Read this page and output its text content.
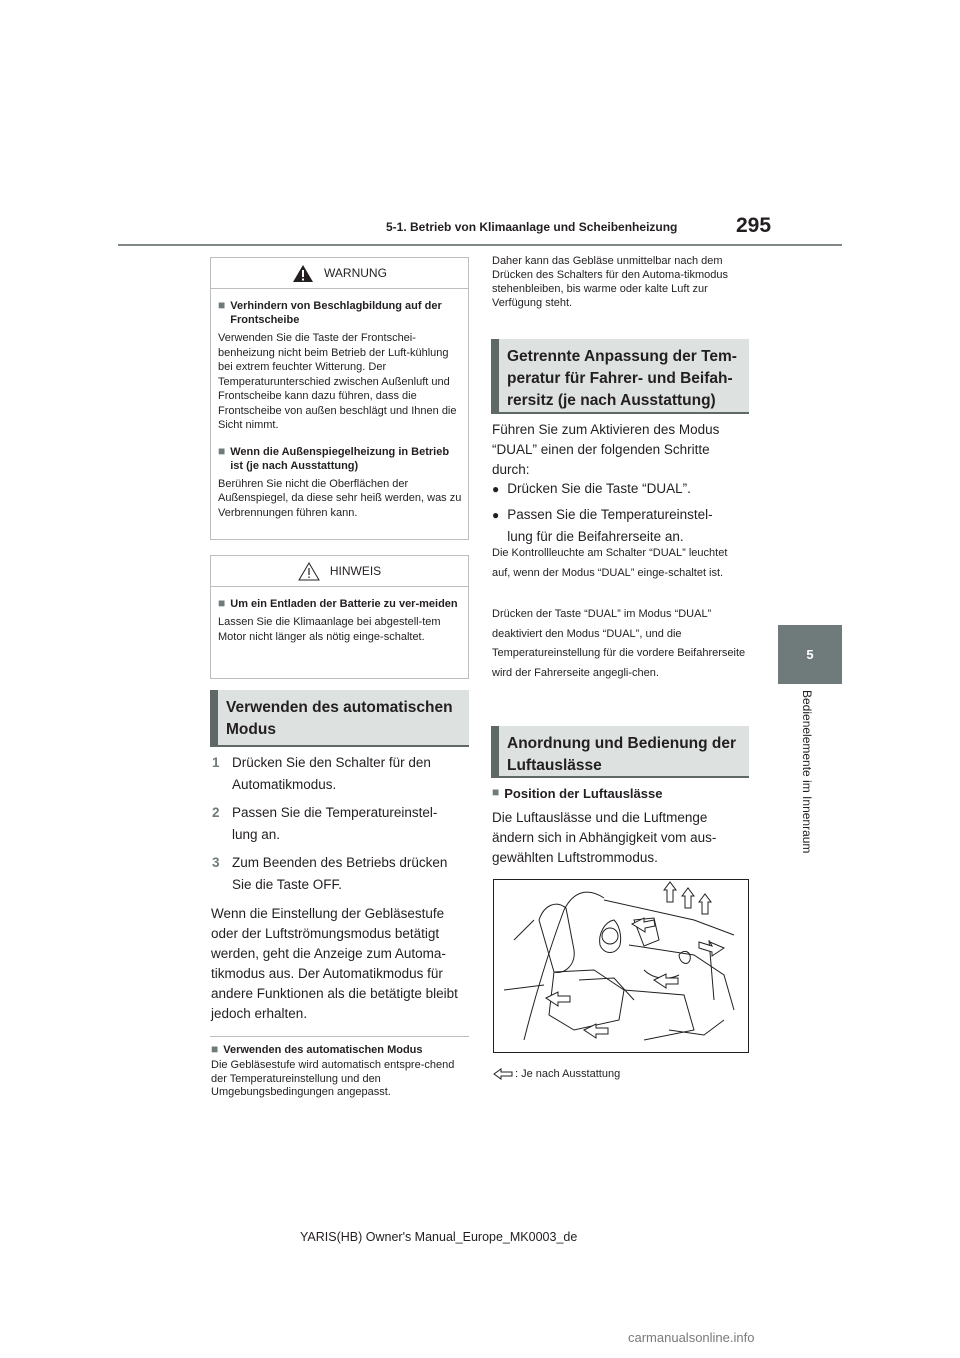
5-1. Betrieb von Klimaanlage und Scheibenheizung	295
5
Bedienelemente im Innenraum
WARNUNG
■ Verhindern von Beschlagbildung auf der Frontscheibe
Verwenden Sie die Taste der Frontschei-benheizung nicht beim Betrieb der Luft-kühlung bei extrem feuchter Witterung. Der Temperaturunterschied zwischen Außenluft und Frontscheibe kann dazu führen, dass die Frontscheibe von außen beschlägt und Ihnen die Sicht nimmt.
■ Wenn die Außenspiegelheizung in Betrieb ist (je nach Ausstattung)
Berühren Sie nicht die Oberflächen der Außenspiegel, da diese sehr heiß werden, was zu Verbrennungen führen kann.
HINWEIS
■ Um ein Entladen der Batterie zu ver-meiden
Lassen Sie die Klimaanlage bei abgestell-tem Motor nicht länger als nötig einge-schaltet.
Verwenden des automatischen Modus
1 Drücken Sie den Schalter für den Automatikmodus.
2 Passen Sie die Temperatureinstel-lung an.
3 Zum Beenden des Betriebs drücken Sie die Taste OFF.
Wenn die Einstellung der Gebläsestufe oder der Luftströmungsmodus betätigt werden, geht die Anzeige zum Automa-tikmodus aus. Der Automatikmodus für andere Funktionen als die betätigte bleibt jedoch erhalten.
■ Verwenden des automatischen Modus
Die Gebläsestufe wird automatisch entspre-chend der Temperatureinstellung und den Umgebungsbedingungen angepasst.
Daher kann das Gebläse unmittelbar nach dem Drücken des Schalters für den Automa-tikmodus stehenbleiben, bis warme oder kalte Luft zur Verfügung steht.
Getrennte Anpassung der Tem-peratur für Fahrer- und Beifah-rersitz (je nach Ausstattung)
Führen Sie zum Aktivieren des Modus “DUAL” einen der folgenden Schritte durch:
● Drücken Sie die Taste “DUAL”.
● Passen Sie die Temperatureinstel-lung für die Beifahrerseite an.
Die Kontrollleuchte am Schalter “DUAL” leuchtet auf, wenn der Modus “DUAL” einge-schaltet ist.
Drücken der Taste “DUAL” im Modus “DUAL” deaktiviert den Modus “DUAL”, und die Temperatureinstellung für die vordere Beifahrerseite wird der Fahrerseite angegli-chen.
Anordnung und Bedienung der Luftauslässe
■ Position der Luftauslässe
Die Luftauslässe und die Luftmenge ändern sich in Abhängigkeit vom aus-gewählten Luftstrommodus.
: Je nach Ausstattung
YARIS(HB) Owner's Manual_Europe_MK0003_de
carmanualsonline.info
